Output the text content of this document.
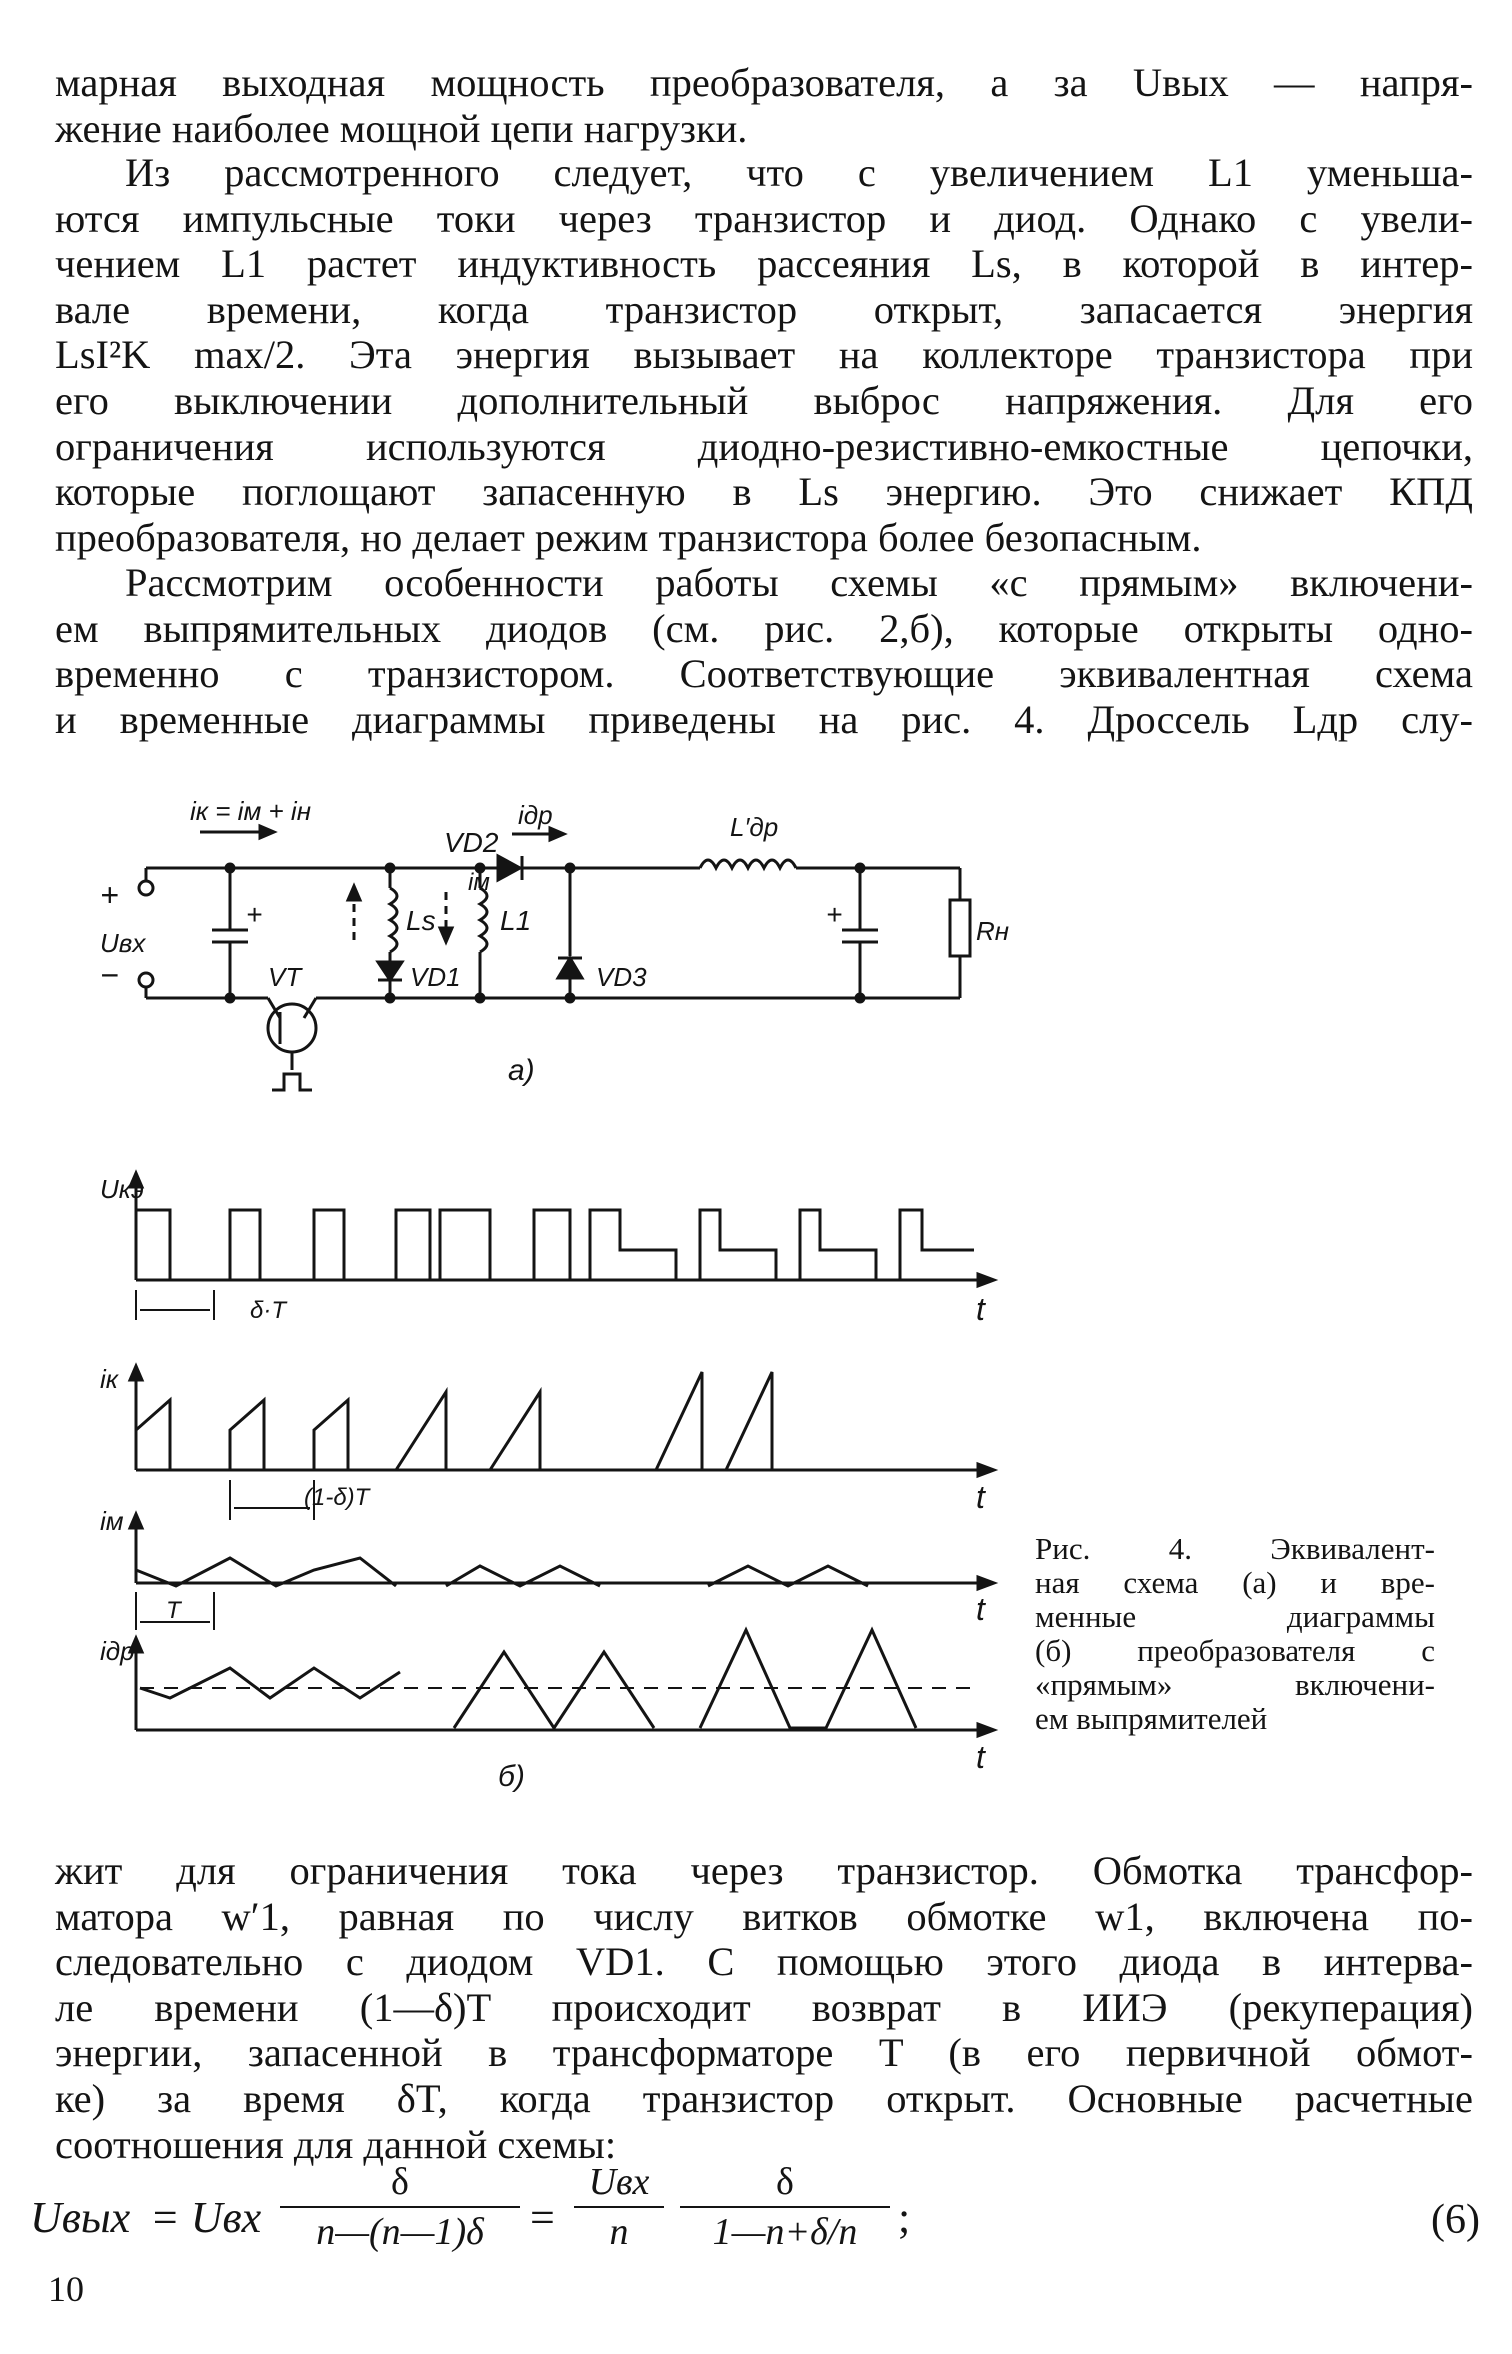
марная выходная мощность преобразователя, а за Uвых — напря-
жение наиболее мощной цепи нагрузки.
Из рассмотренного следует, что с увеличением L1 уменьша-
ются импульсные токи через транзистор и диод. Однако с увели-
чением L1 растет индуктивность рассеяния Ls, в которой в интер-
вале времени, когда транзистор открыт, запасается энергия
LsI²K max/2. Эта энергия вызывает на коллекторе транзистора при
его выключении дополнительный выброс напряжения. Для его
ограничения используются диодно-резистивно-емкостные цепочки,
которые поглощают запасенную в Ls энергию. Это снижает КПД
преобразователя, но делает режим транзистора более безопасным.
Рассмотрим особенности работы схемы «с прямым» включени-
ем выпрямительных диодов (см. рис. 2,б), которые открыты одно-
временно с транзистором. Соответствующие эквивалентная схема
и временные диаграммы приведены на рис. 4. Дроссель Lдр слу-
iк = iм + iн
VD2
iдр	L′др
+
−
Uвх
+
VT
Ls
iм
L1
VD1	VD3
+
Rн
а)
Uкэ
iк
iм
iдр
t
t
t
t
δ·T
(1-δ)T
T
б)
Рис. 4. Эквивалент-
ная схема (а) и вре-
менные диаграммы
(б) преобразователя с
«прямым» включени-
ем выпрямителей
жит для ограничения тока через транзистор. Обмотка трансфор-
матора w′1, равная по числу витков обмотке w1, включена по-
следовательно с диодом VD1. С помощью этого диода в интерва-
ле времени (1—δ)T происходит возврат в ИИЭ (рекуперация)
энергии, запасенной в трансформаторе T (в его первичной обмот-
ке) за время δT, когда транзистор открыт. Основные расчетные
соотношения для данной схемы:
Uвых = Uвх
δ
n—(n—1)δ	=
Uвх
n
δ
1—n+δ/n ;	(6)
10
